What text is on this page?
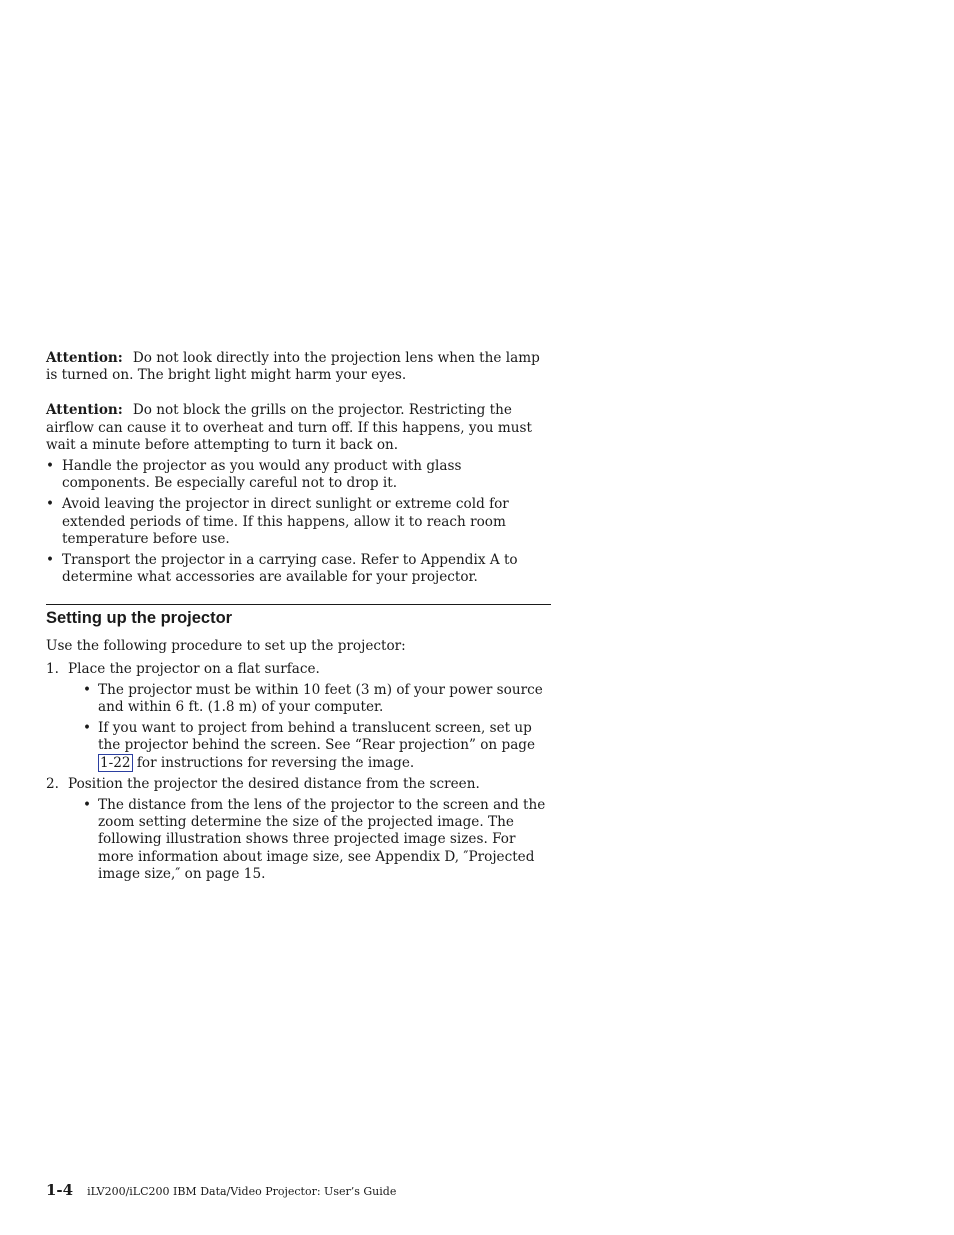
Attention: Do not look directly into the projection lens when the lamp is turned on. The bright light might harm your eyes.

Attention: Do not block the grills on the projector. Restricting the airflow can cause it to overheat and turn off. If this happens, you must wait a minute before attempting to turn it back on.

• Handle the projector as you would any product with glass components. Be especially careful not to drop it.
• Avoid leaving the projector in direct sunlight or extreme cold for extended periods of time. If this happens, allow it to reach room temperature before use.
• Transport the projector in a carrying case. Refer to Appendix A to determine what accessories are available for your projector.
Setting up the projector

Use the following procedure to set up the projector:

1. Place the projector on a flat surface.
• The projector must be within 10 feet (3 m) of your power source and within 6 ft. (1.8 m) of your computer.
• If you want to project from behind a translucent screen, set up the projector behind the screen. See “Rear projection” on page 1-22 for instructions for reversing the image.
2. Position the projector the desired distance from the screen.
• The distance from the lens of the projector to the screen and the zoom setting determine the size of the projected image. The following illustration shows three projected image sizes. For more information about image size, see Appendix D, ″Projected image size,″ on page 15.
1-4 iLV200/iLC200 IBM Data/Video Projector: User’s Guide
